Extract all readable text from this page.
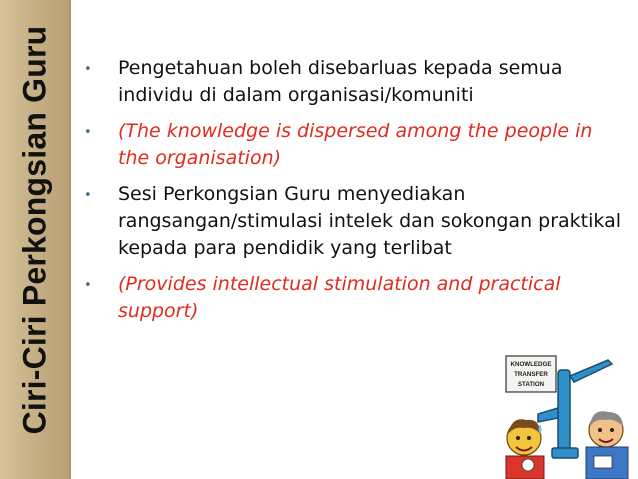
Ciri-Ciri Perkongsian Guru •	Pengetahuan boleh disebarluas kepada semua individu di dalam organisasi/komuniti
•	(The knowledge is dispersed among the people in the organisation)
•	Sesi Perkongsian Guru menyediakan rangsangan/stimulasi intelek dan sokongan praktikal kepada para pendidik yang terlibat
•	(Provides intellectual stimulation and practical support)
KNOWLEDGE
TRANSFER
STATION
